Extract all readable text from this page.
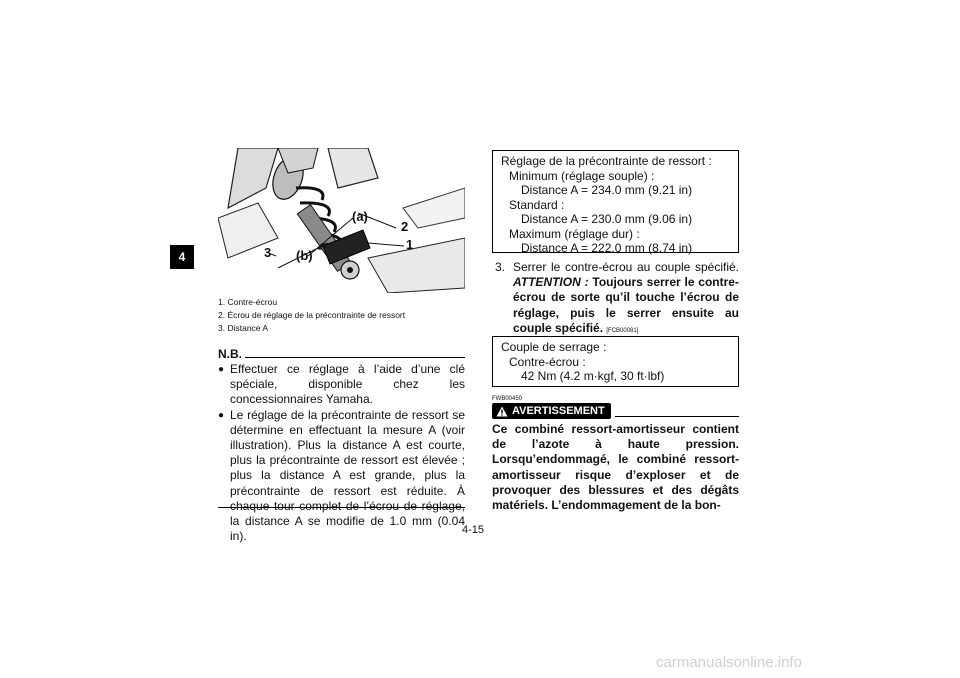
4
(a)
(b)
2
1
3
1. Contre-écrou
2. Écrou de réglage de la précontrainte de ressort
3. Distance A
N.B.
● Effectuer ce réglage à l’aide d’une clé spéciale, disponible chez les concessionnaires Yamaha.
● Le réglage de la précontrainte de ressort se détermine en effectuant la mesure A (voir illustration). Plus la distance A est courte, plus la précontrainte de ressort est élevée ; plus la distance A est grande, plus la précontrainte de ressort est réduite. À chaque tour complet de l’écrou de réglage, la distance A se modifie de 1.0 mm (0.04 in).
Réglage de la précontrainte de ressort :
Minimum (réglage souple) :
Distance A = 234.0 mm (9.21 in)
Standard :
Distance A = 230.0 mm (9.06 in)
Maximum (réglage dur) :
Distance A = 222.0 mm (8.74 in)
3. Serrer le contre-écrou au couple spécifié. ATTENTION : Toujours serrer le contre-écrou de sorte qu’il touche l’écrou de réglage, puis le serrer ensuite au couple spécifié. [FCB00081]
Couple de serrage :
Contre-écrou :
42 Nm (4.2 m·kgf, 30 ft·lbf)
FWB00450
AVERTISSEMENT
Ce combiné ressort-amortisseur contient de l’azote à haute pression. Lorsqu’endommagé, le combiné ressort-amortisseur risque d’exploser et de provoquer des blessures et des dégâts matériels. L’endommagement de la bon-
4-15
carmanualsonline.info
